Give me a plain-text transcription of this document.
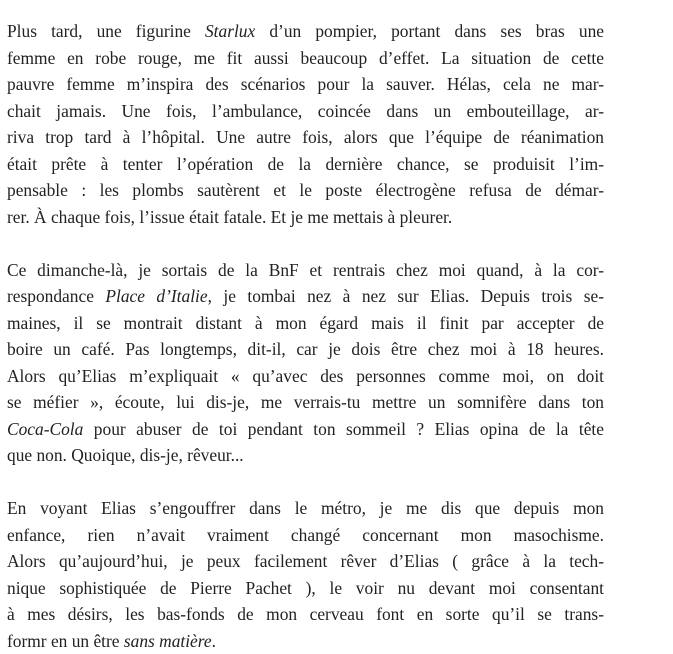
Plus tard, une figurine Starlux d’un pompier, portant dans ses bras une
femme en robe rouge, me fit aussi beaucoup d’effet. La situation de cette
pauvre femme m’inspira des scénarios pour la sauver. Hélas, cela ne mar-
chait jamais. Une fois, l’ambulance, coincée dans un embouteillage, ar-
riva trop tard à l’hôpital. Une autre fois, alors que l’équipe de réanimation
était prête à tenter l’opération de la dernière chance, se produisit l’im-
pensable : les plombs sautèrent et le poste électrogène refusa de démar-
rer. À chaque fois, l’issue était fatale. Et je me mettais à pleurer.

Ce dimanche-là, je sortais de la BnF et rentrais chez moi quand, à la cor-
respondance Place d’Italie, je tombai nez à nez sur Elias. Depuis trois se-
maines, il se montrait distant à mon égard mais il finit par accepter de
boire un café. Pas longtemps, dit-il, car je dois être chez moi à 18 heures.
Alors qu’Elias m’expliquait « qu’avec des personnes comme moi, on doit
se méfier », écoute, lui dis-je, me verrais-tu mettre un somnifère dans ton
Coca-Cola pour abuser de toi pendant ton sommeil ? Elias opina de la tête
que non. Quoique, dis-je, rêveur...

En voyant Elias s’engouffrer dans le métro, je me dis que depuis mon
enfance, rien n’avait vraiment changé concernant mon masochisme.
Alors qu’aujourd’hui, je peux facilement rêver d’Elias ( grâce à la tech-
nique sophistiquée de Pierre Pachet ), le voir nu devant moi consentant
à mes désirs, les bas-fonds de mon cerveau font en sorte qu’il se trans-
formr en un être sans matière.
